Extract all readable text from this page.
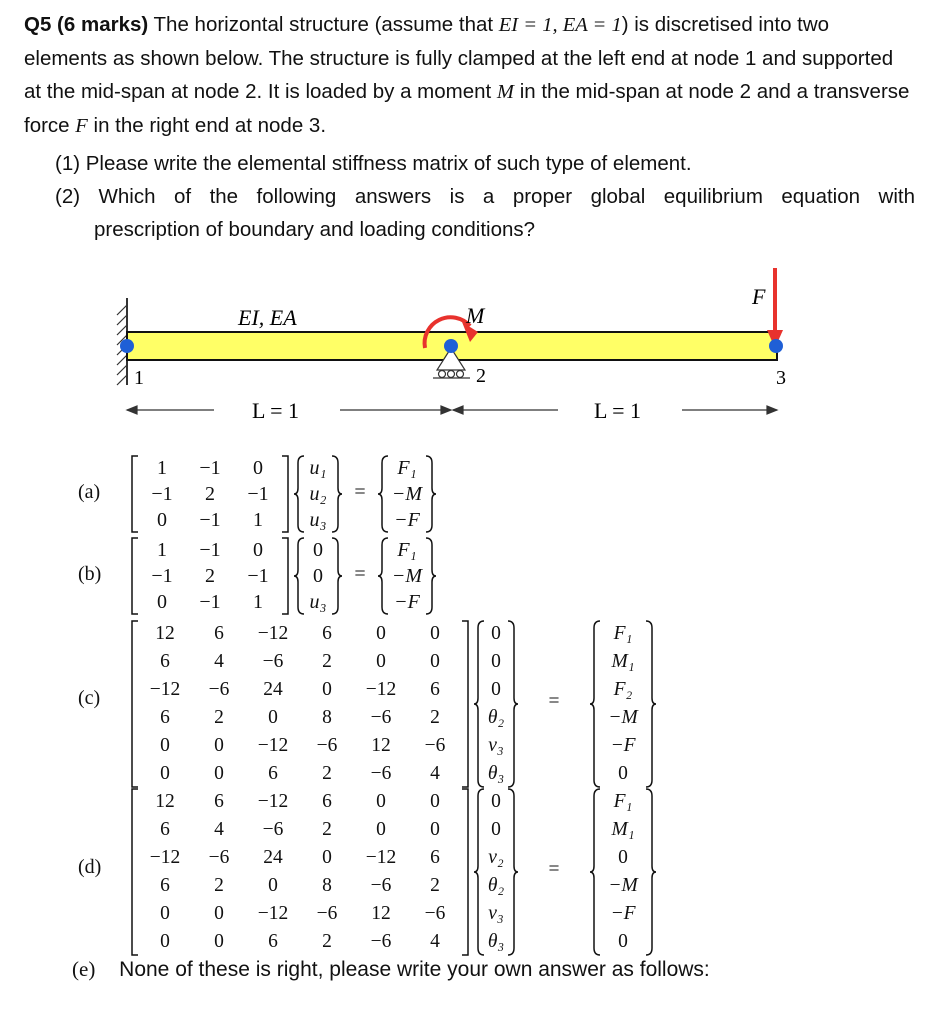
Q5 (6 marks) The horizontal structure (assume that EI = 1, EA = 1) is discretised into two elements as shown below. The structure is fully clamped at the left end at node 1 and supported at the mid-span at node 2. It is loaded by a moment M in the mid-span at node 2 and a transverse force F in the right end at node 3.
(1) Please write the elemental stiffness matrix of such type of element.
(2) Which of the following answers is a proper global equilibrium equation with
prescription of boundary and loading conditions?
EI, EA	M
F
1	2	3
L = 1	L = 1
(a)
(b)
(c)
(d)
1	−1	0
−1	2	−1
0	−1	1
u₁
u₂
u₃
=
F₁
−M
−F
1	−1	0
−1	2	−1
0	−1	1
0
0
u₃
=
F₁
−M
−F
12	6	−12	6	0	0
6	4	−6	2	0	0
−12	−6	24	0	−12	6
6	2	0	8	−6	2
0	0	−12	−6	12	−6
0	0	6	2	−6	4
0
0
0
θ₂
v₃
θ₃
=
F₁
M₁
F₂
−M
−F
0
12	6	−12	6	0	0
6	4	−6	2	0	0
−12	−6	24	0	−12	6
6	2	0	8	−6	2
0	0	−12	−6	12	−6
0	0	6	2	−6	4
0
0
v₂
θ₂
v₃
θ₃
=
F₁
M₁
0
−M
−F
0
(e) None of these is right, please write your own answer as follows:
